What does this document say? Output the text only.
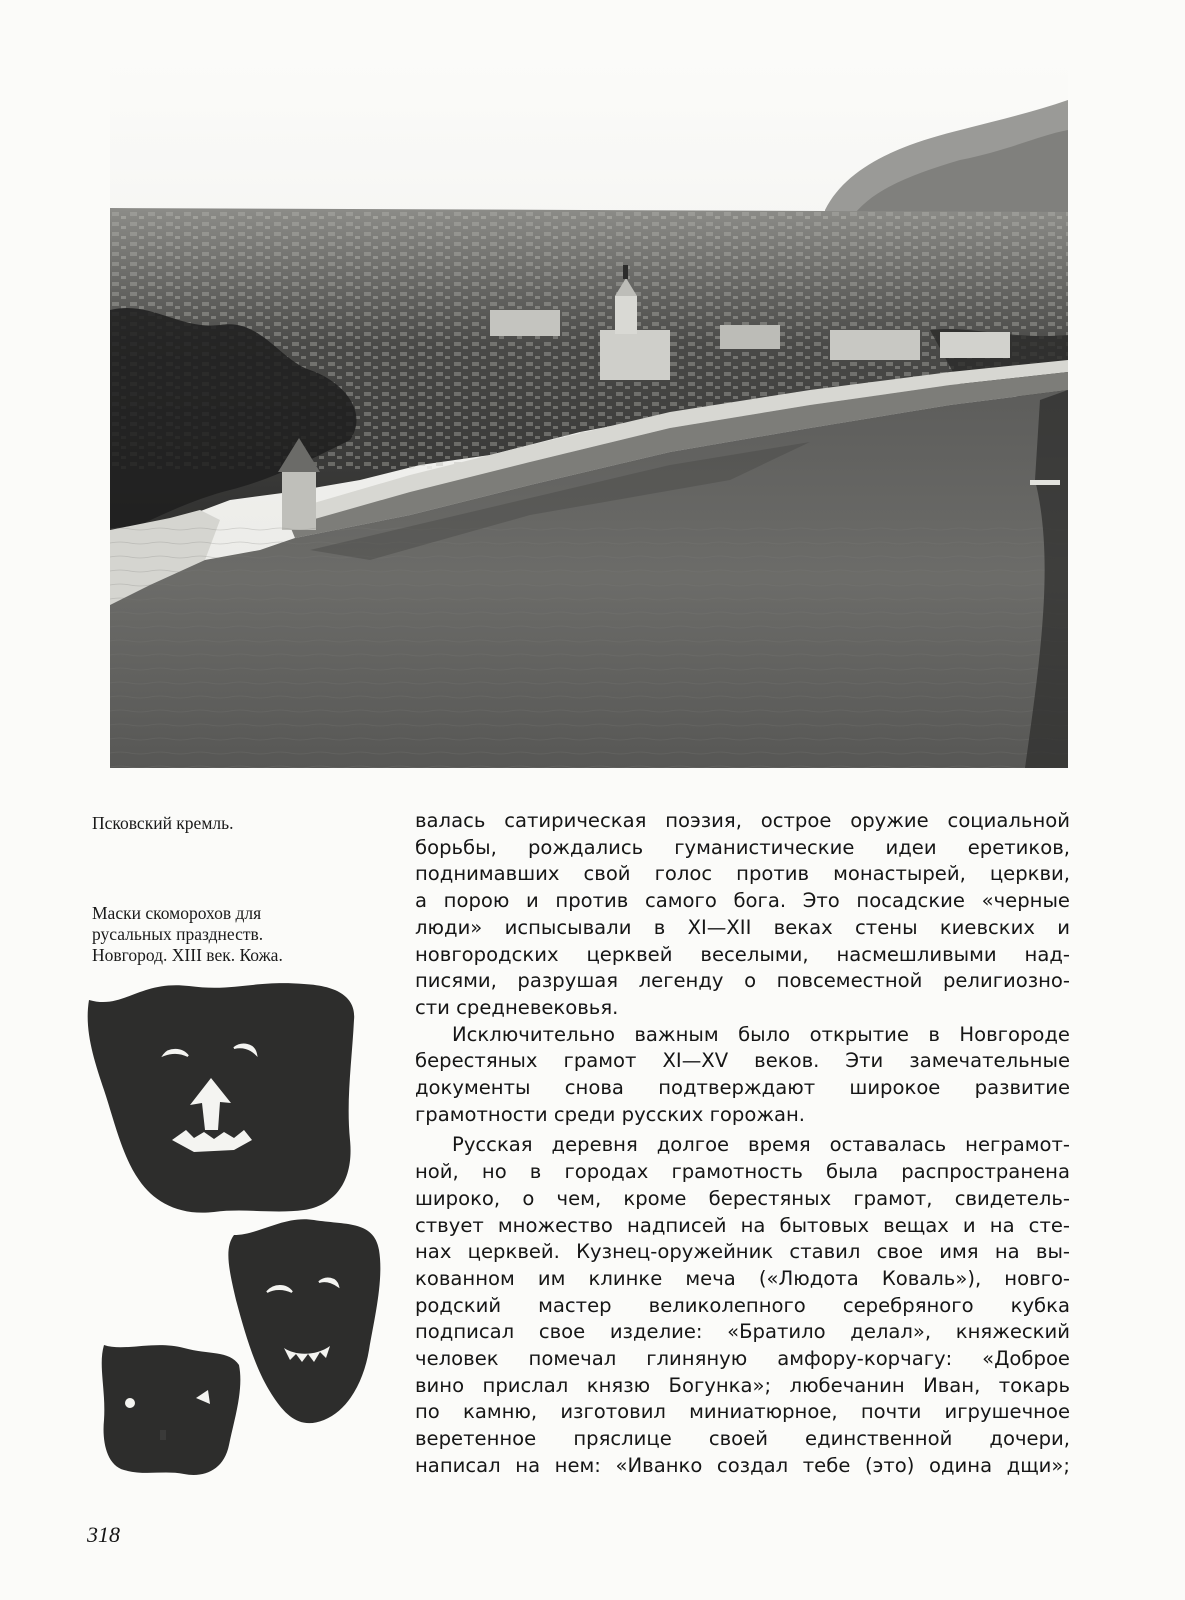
Псковский кремль.
Маски скоморохов для
русальных празднеств.
Новгород. XIII век. Кожа.
валась сатирическая поэзия, острое оружие социальной
борьбы, рождались гуманистические идеи еретиков,
поднимавших свой голос против монастырей, церкви,
а порою и против самого бога. Это посадские «черные
люди» испысывали в XI—XII веках стены киевских и
новгородских церквей веселыми, насмешливыми над-
писями, разрушая легенду о повсеместной религиозно-
сти средневековья.
Исключительно важным было открытие в Новгороде
берестяных грамот XI—XV веков. Эти замечательные
документы снова подтверждают широкое развитие
грамотности среди русских горожан.
Русская деревня долгое время оставалась неграмот-
ной, но в городах грамотность была распространена
широко, о чем, кроме берестяных грамот, свидетель-
ствует множество надписей на бытовых вещах и на сте-
нах церквей. Кузнец-оружейник ставил свое имя на вы-
кованном им клинке меча («Людота Коваль»), новго-
родский мастер великолепного серебряного кубка
подписал свое изделие: «Братило делал», княжеский
человек помечал глиняную амфору-корчагу: «Доброе
вино прислал князю Богунка»; любечанин Иван, токарь
по камню, изготовил миниатюрное, почти игрушечное
веретенное пряслице своей единственной дочери,
написал на нем: «Иванко создал тебе (это) одина дщи»;
318
